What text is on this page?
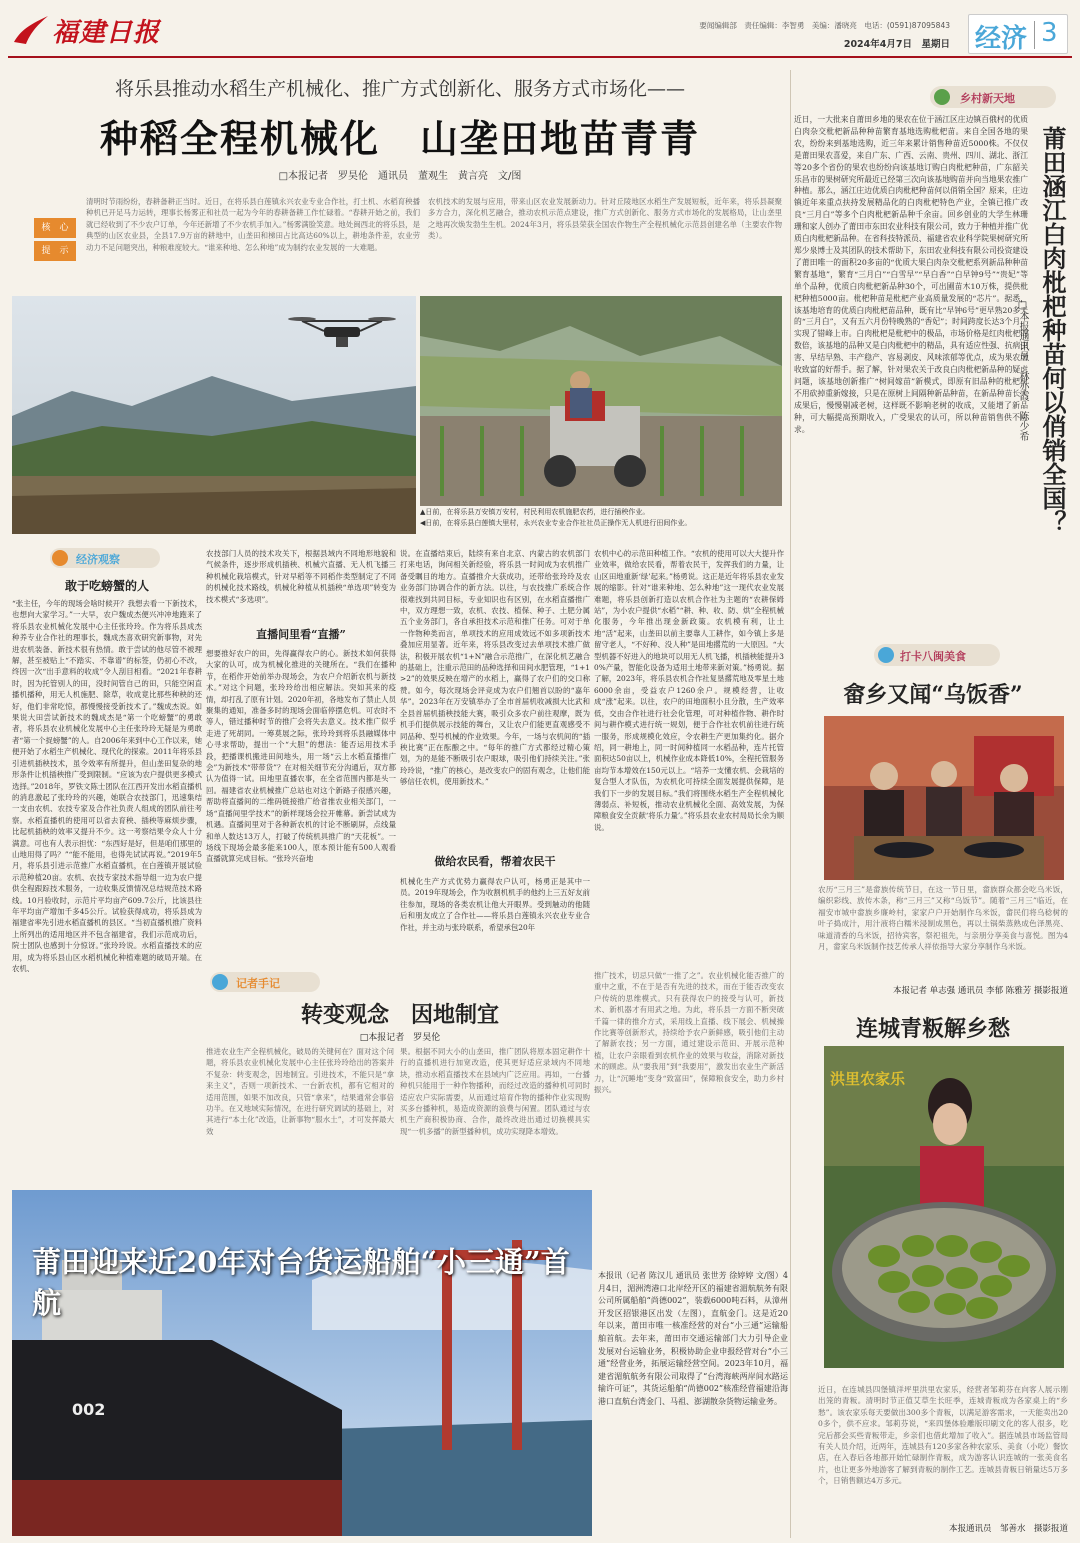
福建日报	要闻编辑部　责任编辑：李智勇　美编：潘晓亮　电话：(0591)87095843
2024年4月7日　星期日 经济 3
将乐县推动水稻生产机械化、推广方式创新化、服务方式市场化——
种稻全程机械化　山垄田地苗青青
□本报记者　罗昊伦　通讯员　董观生　黄言亮　文/图
核　心
提　示
清明时节雨纷纷，春耕备耕正当时。近日，在将乐县白莲镇永兴农业专业合作社，打土机、水稻育秧播种机已开足马力运转，理事长杨雾正和社员一起为今年的春耕备耕工作忙碌着。“春耕开始之前，我们就已经收到了不少农户订单，今年还新增了不少农机手加入。”杨雾满脸笑意。地处闽西北的将乐县，是典型的山区农业县，全县17.9万亩的耕地中，山垄田和梯田占比高达60%以上，耕地条件差，农业劳动力不足问题突出，种粮难度较大。“谁来种地、怎么种地”成为制约农业发展的一大难题。
农机技术的发展与应用，带来山区农业发展新动力。针对丘陵地区水稻生产发展短板，近年来，将乐县凝聚多方合力，深化机艺融合，推动农机示范点建设，推广方式创新化、服务方式市场化的发展格局，让山垄里之地再次焕发勃生生机。2024年3月，将乐县荣获全国农作物生产全程机械化示范县创建名单（主要农作物类）。
▲日前，在将乐县万安镇万安村，村民利用农机施肥农药，进行插秧作业。
◀日前，在将乐县白莲镇大里村，永兴农业专业合作社社员正操作无人机进行田间作业。
经济观察
敢于吃螃蟹的人
“张主任，今年的现场会啥时候开？我想去看一下新技术，也想向大家学习。”一大早，农户魏成杰便兴冲冲地跑来了将乐县农业机械化发展中心主任张玲玲。作为将乐县成杰种养专业合作社的理事长，魏成杰喜欢研究新事物，对先进农机装备、新技术很有热情。敢于尝试的他尽管不被理解，甚至被贴上“不踏实、不靠谱”的标签，仍初心不改，终因一次“出手意料的收成”令人刮目相看。“2021年春耕时，因为托管别人的田，没时间管自己的田，只能空闲直播机播种，用无人机施肥、除草，收成竟比那些种秧的还好，他们非常吃惊，都慢慢接受新技术了。”魏成杰说。如果说大田尝试新技术的魏成杰是“第一个吃螃蟹”的勇敢者，将乐县农业机械化发展中心主任张玲玲无疑是为勇敢者“第一个捉螃蟹”的人。自2006年来到中心工作以来，她便开始了水稻生产机械化、现代化的探索。2011年将乐县引进机插秧技术，虽令效率有所提升，但山垄田复杂的地形条件让机插秧推广受到限制。“应该为农户提供更多模式选择。”2018年，罗铁文陈士团队在江西开发出水稻直播机的消息激起了张玲玲的兴趣，她联合农技部门，迅速集结一支由农机、农技专家及合作社负责人组成的团队前往考察。水稻直播机的使用可以省去育秧、插秧等麻烦步骤，比起机插秧的效率又提升不少。这一考察结果令众人十分满意。可也有人表示担忧：“东西好是好，但是咱们那里的山地用得了吗？”“能不能用，也得先试试再说。”2019年5月，将乐县引进示范推广水稻直播机，在白莲镇开展试验示范种植20亩。农机、农技专家技术指导组一边为农户提供全程跟踪技术服务，一边收集反馈情况总结规范技术路线。10月验收时，示范片平均亩产609.7公斤，比该县往年平均亩产增加千多45公斤。试验获得成功，将乐县成为福建省率先引进水稻直播机的县区。“当初直播机推广资料上所列出的适用地区并不包含福建省，我们示范成功后，院士团队也感到十分惊讶。”张玲玲说。水稻直播技术的应用，成为将乐县山区水稻机械化种植难题的破局开端。在农机、
农技部门人员的技术攻关下，根据县域内不同地形地貌和气候条件，逐步形成机插秧、机械穴直播、无人机飞播三种机械化栽培模式，针对早稻等不同稻作类型制定了不同的机械化技术路线，机械化种植从机插秧“单选项”转变为技术模式“多选项”。
直播间里看“直播”
想要推好农户的田，先得赢得农户的心。新技术如何获得大家的认可，成为机械化推进的关键所在。“我们在播种节，在稻作开始前举办现场会，为农户介绍新农机与新技术。”对这个问题，张玲玲给出相应解法。突如其来的疫情，却打乱了原有计划。2020年初，各地发布了禁止人员聚集的通知，准备多时的现场会面临停摆危机。可农时不等人，错过播种时节的推广会将失去意义。技术推广似乎走进了死胡同。一筹莫展之际，张玲玲到将乐县融媒体中心寻求帮助，提出一个“大胆”的想法：能否运用技术手段，把播课机搬进田间地头，用一场“云上水稻直播推广会”为新技术“带带货”？在对相关细节充分沟通后，双方都认为值得一试。田地里直播农事，在全省范围内都是头一回。福建省农业机械推广总站也对这个新路子很感兴趣，帮助将直播间的二维码链接推广给省推农业相关部门，一场“直播间里学技术”的新样现场会拉开帷幕。新尝试成为机遇。直播间里对于各种新农机的讨论不断刷屏，点线量和单人数达13万人，打破了传统机具推广的“天花板”。一场线下现场会最多能来100人，原本预计能有500人观看直播就算完成目标。“张玲兴奋地
说。在直播结束后，陆续有来自北京、内蒙古的农机部门打来电话，询问相关新经验，将乐县一时间成为农机推广备受瞩目的地方。直播推介大获成功，还带给张玲玲及农业务部门协调合作的新方法。以往，与农技推广系统合作很难找到共同目标，专业知识也有区别，在水稻直播推广中，双方理想一致，农机、农技、植保、种子、土肥分属五个业务部门，各自承担技术示范和推广任务。可对于单一作物种类而言，单项技术的应用成效远不如多项新技术叠加应用显著。近年来，将乐县改变过去单项技术推广做法，积极开展农机“1+N”融合示范推广，在深化机艺融合的基础上，注重示范田的品种选择和田间水肥管理，“1+1>2”的效果反映在增产的水稻上，赢得了农户们的交口称赞。如今，每次现场会评竞成为农户们翘首以盼的“嘉年华”。2023年在万安镇举办了全市首届机收减损大比武和全县首届机插秧技能大赛，吸引众多农户前往观摩，既为机手们提供展示技能的舞台，又让农户们能更直观感受不同品种、型号机械的作业效果。今年，一场与农机间的“插秧比赛”正在酝酿之中。“每年的推广方式都经过精心策划，为的是能不断吸引农户眼球，吸引他们持续关注。”张玲玲说，“推广的核心，是改变农户的固有观念，让他们能够信任农机，使用新技术。”
做给农民看，帮着农民干
机械化生产方式优势力赢得农户认可，杨勇正是其中一员。2019年现场会，作为收割机机手的他约上三五好友前往参加，现场的各类农机让他大开眼界。受到触动的他随后和朋友成立了合作社——将乐县白莲镇永兴农业专业合作社，并主动与张玲联系，希望承包20年
农机中心的示范田种植工作。“农机的使用可以大大提升作业效率，做给农民看，帮着农民干，发挥我们的力量，让山区田地重新‘绿’起来。”杨勇说。这正是近年将乐县农业发展的缩影。针对“谁来种地、怎么种地”这一现代农业发展难题，将乐县创新打造以农机合作社为主题的“农耕保姆站”，为小农户提供“水稻”“耕、种、收、防、烘”全程机械化服务，今年推出现金新政策。农机模有利，让土地“活”起来，山垄田以前主要靠人工耕作，如今镇上多是留守老人，“不好种、没人种”是田地撂荒的一大原因。“大型机器不好进入的地块可以用无人机飞播，机插秧能提升30%产量，智能化设备为适用土地带来新对策。”杨勇说。据了解，2023年，将乐县农机合作社复垦撂荒地及零星土地6000余亩，受益农户1260余户。规模经营，让收成“涨”起来。以往，农户的田地面积小且分散，生产效率低，交由合作社进行社会化管理，可对种植作物、耕作时间与耕作模式进行统一规划，便于合作社农机前往进行统一服务，形成规模化效应，令农耕生产更加集约化。据介绍，同一耕地上，同一时间种植同一水稻品种，连片托管面积达50亩以上，机械作业成本降低10%，全程托管服务亩均节本增效在150元以上。“培养一支懂农机、会栽培的复合型人才队伍，为农机化可持续全面发展提供保障，是我们下一步的发展目标。”我们将围绕水稻生产全程机械化薄弱点、补短板，推动农业机械化全面、高效发展，为保障粮食安全贡献‘将乐力量’。”将乐县农业农村局局长余为顺说。
记者手记
转变观念　因地制宜
□本报记者　罗昊伦
推进农业生产全程机械化，破局的关键何在？面对这个问题，将乐县农业机械化发展中心主任张玲玲给出的答案并不复杂：转变观念，因地制宜。引进技术，不能只是“拿来主义”，否则一项新技术、一台新农机，都有它相对的适用范围，如果不加改良，只管“拿来”，结果通常会事倍功半。在又地域实际情况，在进行研究调试的基础上，对其进行“本土化”改造，让新事物“服水土”，才可发挥最大效
果。根据不同大小的山垄田，推广团队将原本固定耕作十行的直播机进行加宽改造，使其更好适应录域内不同地块，推动水稻直播技术在县域内广泛应用。再如，一台播种机只能用于一种作物播种，而经过改造的播种机可同时适应农户实际需要，从而通过培育作物的播种作业实现购买多台播种机，易造成资源的浪费与闲置。团队通过与农机生产商积极协商、合作，最终改进出通过切换模具实现“一机多播”的新型播种机，成功实现降本增效。
推广技术，切忌只做“一推了之”。农业机械化能否推广的重中之重，不在于是否有先进的技术，而在于能否改变农户传统的思维模式。只有获得农户的接受与认可，新技术、新机器才有用武之地。为此，将乐县一方面不断突破千篇一律的推介方式，采用线上直播、线下展会、机械操作比赛等创新形式，持续给予农户新鲜感，吸引他们主动了解新农技；另一方面，通过建设示范田、开展示范种植，让农户亲眼看到农机作业的效果与收益，消除对新技术的顾虑。从“要我用”到“我要用”，激发出农业生产新活力，让“沉睡地”变身“致富田”，保障粮食安全，助力乡村振兴。
莆田迎来近20年对台货运船舶“小三通”首航
002
本报讯（记者 陈汉儿 通讯员 张世芳 徐婷婷 文/图）4月4日，湄洲湾港口北岸经开区的福建省湄航航务有限公司所属船舶“尚德002”，装载6000吨石料，从漳州开发区招银港区出发（左图），直航金门。这是近20年以来，莆田市唯一核准经营的对台“小三通”运输船舶首航。去年来，莆田市交通运输部门大力引导企业发展对台运输业务，积极协助企业申报经营对台“小三通”经营业务，拓展运输经营空间。2023年10月，福建省湄航航务有限公司取得了“台湾海峡两岸间水路运输许可证”，其货运船舶“尚德002”核准经营福建沿海港口直航台湾金门、马祖、澎湖散杂货物运输业务。
乡村新天地
近日，一大批来自莆田乡地的果农在位于涵江区庄边镇百俄村的优质白肉杂交枇杷新品种种苗繁育基地选购枇杷苗。来自全国各地的果农，纷纷来到基地选购，近三年来累计销售种苗近5000株。不仅仅是莆田果农喜爱，来自广东、广西、云南、贵州、四川、湖北、浙江等20多个省份的果农也纷纷向该基地订购白肉枇杷种苗，广东韶关乐昌市的果树研究所最近已经第三次向该基地购苗并向当地果农推广种植。那么，涵江庄边优质白肉枇杷种苗何以俏销全国？原来，庄边镇近年来重点扶持发展精品化的白肉枇杷特色产业，全镇已推广改良“三月白”等多个白肉枇杷新品种千余亩。回乡创业的大学生林珊珊和家人创办了莆田市东田农业科技有限公司，致力于种植并推广优质白肉枇杷新品种。在省科技特派员、福建省农业科学院果树研究所郑少泉博士及其团队的技术帮助下，东田农业科技有限公司投资建设了莆田唯一的面积20多亩的“优质大果白肉杂交枇杷系列新品种种苗繁育基地”，繁育“三月白”“白雪早”“早白香”“白早钟9号”“贵妃”等单个品种，优质白肉枇杷新品种30个，可出圃苗木10万株，提供枇杷种植5000亩。枇杷种苗是枇杷产业高质量发展的“芯片”。据悉，该基地培育的优质白肉枇杷苗品种，既有比“早钟6号”更早熟20多天的“三月白”，又有五六月份特晚熟的“香妃”；时间跨度长达3个月，实现了错峰上市。白肉枇杷是枇杷中的极品，市场价格是红肉枇杷的数倍，该基地的品种又是白肉枇杷中的精品，具有适应性强、抗病虫害、早结早熟、丰产稳产、容易剥皮、风味浓郁等优点，成为果农增收致富的好帮手。据了解，针对果农关于改良白肉枇杷新品种的疑虑问题，该基地创新推广“树间嫁苗”新模式，即原有旧品种的枇杷树不用砍掉重新嫁接，只是在原树上间隔种新品种苗，在新品种苗长大成果后，慢慢剔减老树，这样既不影响老树的收成，又能增了新品种，可大幅提高预期收入，广受果农的认可，所以种苗销售供不应求。	莆田涵江白肉枇杷种苗何以俏销全国？
□本报通讯员　林亦霞　陈少希
打卡八闽美食
畲乡又闻“乌饭香”
农历“三月三”是畲族传统节日，在这一节日里，畲族群众都会吃乌米饭，编织彩线、放传木条，称“三月三”又称“乌饭节”。随着“三月三”临近，在福安市城中畲族乡廉岭村，家家户户开始制作乌米饭，畲民们将乌稔树的叶子捣成汁，用汁液将白糯米浸制成黑色，再以土锅柴蒸熟成色泽黑亮、味道清香的乌米饭，招待宾客，祭祀祖先，与亲朋分享美食与喜悦。图为4月，畲家乌米饭制作技艺传承人祥依指导大家分享制作乌米饭。
本报记者 单志强 通讯员 李郁 陈雅芳 摄影报道
连城青粄解乡愁
洪里农家乐
近日，在连城县四堡镇洋坪里洪里农家乐，经营者邹莉芬在向客人展示刚出笼的青粄。清明时节正值艾草生长旺季，连城青粄成为各家桌上的“乡愁”。该农家乐每天要做出300多个青粄，以满足游客需求，一天能卖出200多个，供不应求。邹莉芬说，“来四堡体验雕版印刷文化的客人很多，吃完后都会买些青粄带走，乡亲们也借此增加了收入”。据连城县市场监管局有关人员介绍，近两年，连城县有120多家各种农家乐、美食（小吃）餐饮店，在入春后各地都开始忙碌制作青粄，成为游客认识连城的一张美食名片，也让更多外地游客了解到青粄的制作工艺。连城县青粄日销量达5万多个，日销售额达4万多元。
本报通讯员　邹善水　摄影报道
